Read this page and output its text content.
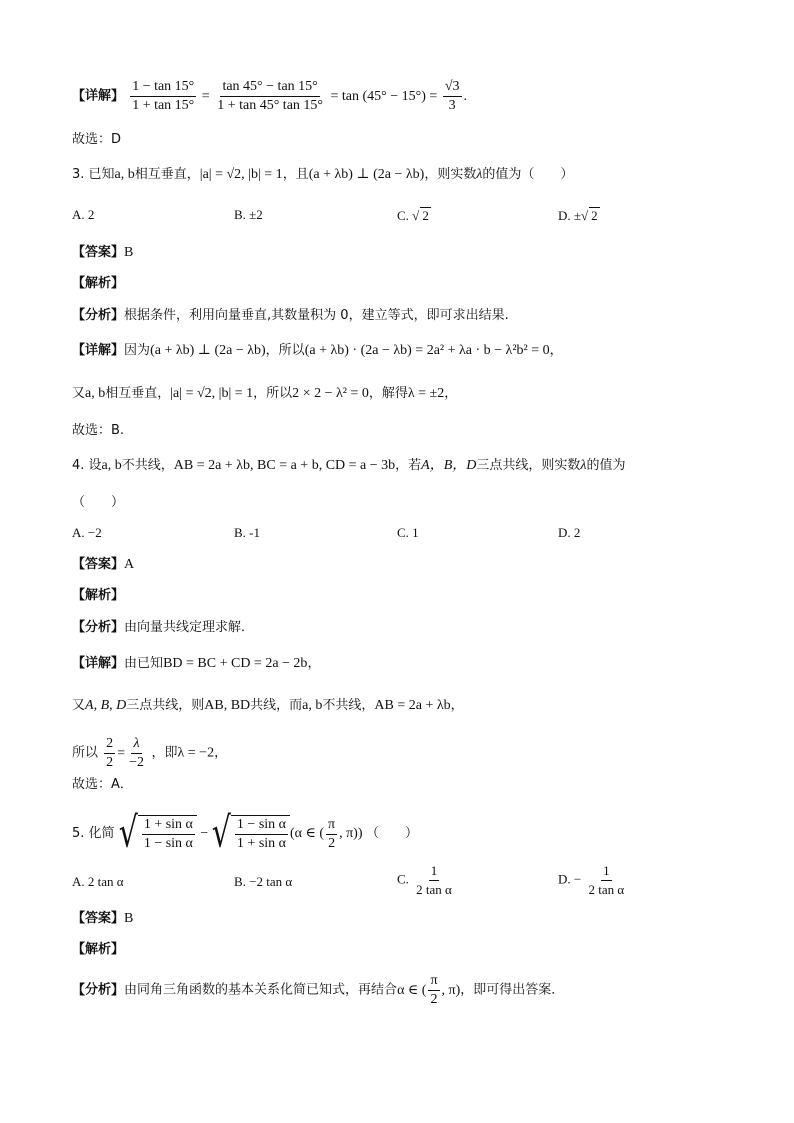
【 详解 】 $\frac{1 - \tan 15^\circ}{1 + \tan 15^\circ} = \frac{\tan 45^\circ - \tan 15^\circ}{1 + \tan 45^\circ \tan 15^\circ} = \tan (45^\circ - 15^\circ) = \frac{√3}{3}$ .
故选：D
3. 已知a, b相互垂直，|a| = √2, |b| = 1，且(a + λb) ⊥ (2a − λb)，则实数λ的值为（　　）
A. 2	B. ±2	C. √ 2	D. ±√ 2
【 答案 】 B
【 解析 】
【 分析 】 根据条件，利用向量垂直,其数量积为 0，建立等式，即可求出结果.
【 详解 】 因为(a + λb) ⊥ (2a − λb)，所以(a + λb) · (2a − λb) = 2a² + λa · b − λ²b² = 0，
又a, b相互垂直，|a| = √2, |b| = 1，所以2 × 2 − λ² = 0，解得λ = ±2，
故选：B.
4. 设a, b不共线，AB = 2a + λb, BC = a + b, CD = a − 3b，若A，B，D三点共线，则实数λ的值为
（　　）
A. −2	B. -1	C. 1	D. 2
【 答案 】 A
【 解析 】
【 分析 】 由向量共线定理求解．
【 详解 】 由已知BD = BC + CD = 2a − 2b，
又A, B, D三点共线，则AB, BD共线，而a, b不共线，AB = 2a + λb，
所以 $\frac{2}{2} = \frac{\lambda}{-2}$ ，即λ = −2，
故选：A．
5. 化简 √ $\frac{\text{1 + sin α}}{\text{1 − sin α}}$ − √ $\frac{\text{1 − sin α}}{\text{1 + sin α}} (\alpha$ ∈ ( $\frac{\pi}{2}$ , π)) （　　）
A. 2 tan α	B. −2 tan α	C. $\frac{1}{\text{2 tan α}}$	D. − $\frac{1}{\text{2 tan α}}$
【 答案 】 B
【 解析 】
【 分析 】 由同角三角函数的基本关系化简已知式，再结合α ∈ ( $\frac{\pi}{2}$ , π)，即可得出答案．
